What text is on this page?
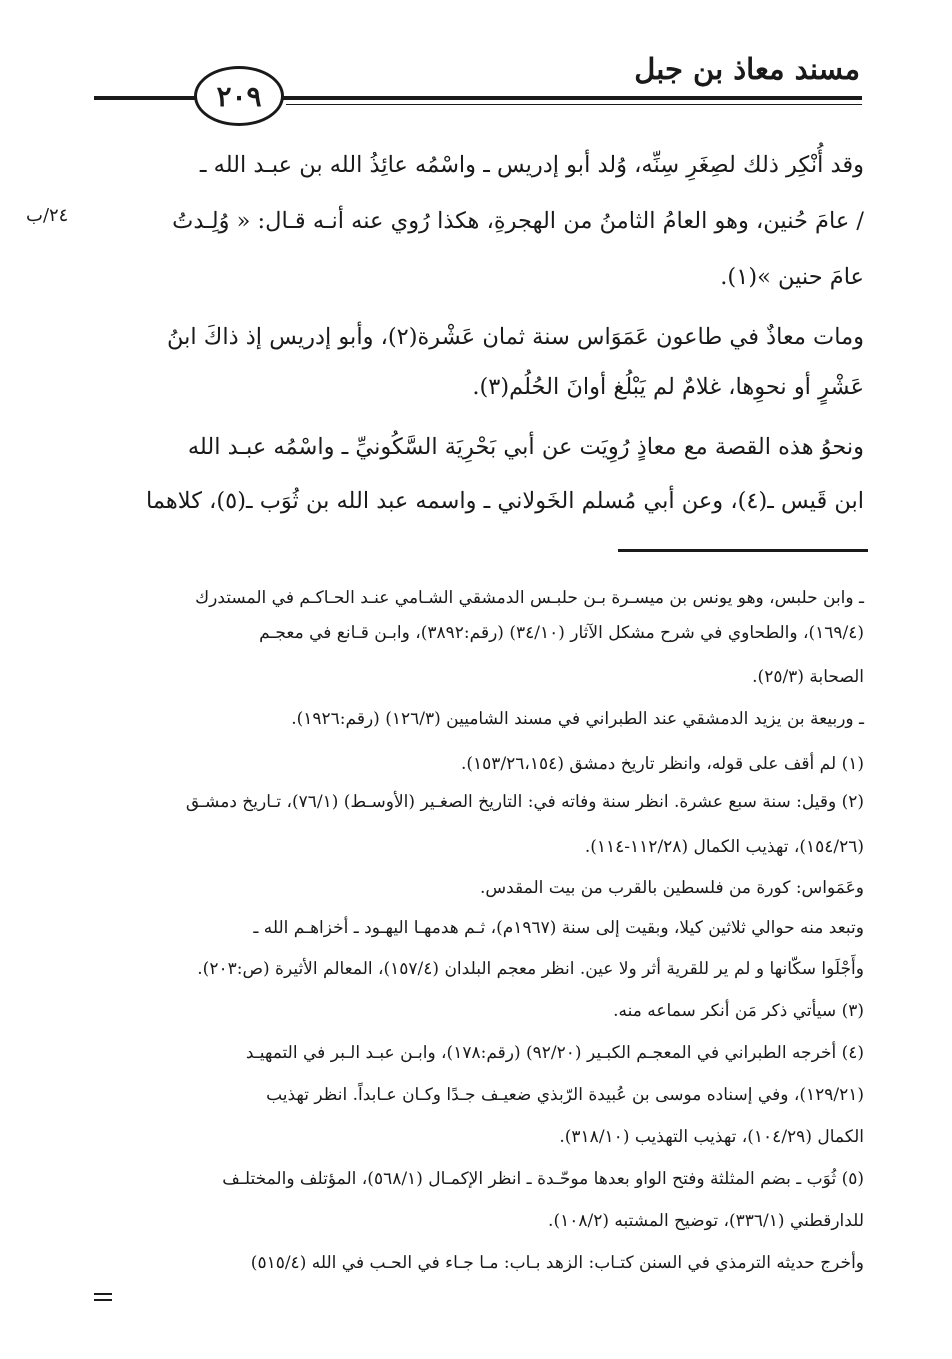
مسند معاذ بن جبل
٢٠٩
٢٤/ب
وقد أُنْكِر ذلك لصِغَرِ سِنِّه، وُلد أبو إدريس ـ واسْمُه عائِذُ الله بن عبـد الله ـ
/ عامَ حُنين، وهو العامُ الثامنُ من الهجرةِ، هكذا رُوي عنه أنـه قـال: « وُلِـدتُ
عامَ حنين »(١).
ومات معاذٌ في طاعون عَمَوَاس سنة ثمان عَشْرة(٢)، وأبو إدريس إذ ذاكَ ابنُ
عَشْرٍ أو نحوِها، غلامٌ لم يَبْلُغ أوانَ الحُلُم(٣).
ونحوُ هذه القصة مع معاذٍ رُوِيَت عن أبي بَحْرِيَة السَّكُونيِّ ـ واسْمُه عبـد الله
ابن قَيس ـ(٤)، وعن أبي مُسلم الخَولاني ـ واسمه عبد الله بن ثُوَب ـ(٥)، كلاهما
ـ وابن حلبس، وهو يونس بن ميسـرة بـن حلبـس الدمشقي الشـامي عنـد الحـاكـم في المستدرك
(١٦٩/٤)، والطحاوي في شرح مشكل الآثار (٣٤/١٠) (رقم:٣٨٩٢)، وابـن قـانع في معجـم
الصحابة (٢٥/٣).
ـ وربيعة بن يزيد الدمشقي عند الطبراني في مسند الشاميين (١٢٦/٣) (رقم:١٩٢٦).
(١) لم أقف على قوله، وانظر تاريخ دمشق (١٥٣/٢٦،١٥٤).
(٢) وقيل: سنة سبع عشرة. انظر سنة وفاته في: التاريخ الصغـير (الأوسـط) (٧٦/١)، تـاريخ دمشـق
(١٥٤/٢٦)، تهذيب الكمال (١١٢/٢٨-١١٤).
وعَمَواس: كورة من فلسطين بالقرب من بيت المقدس.
وتبعد منه حوالي ثلاثين كيلا، وبقيت إلى سنة (١٩٦٧م)، ثـم هدمهـا اليهـود ـ أخزاهـم الله ـ
وأَجْلَوا سكّانها و لم ير للقرية أثر ولا عين. انظر معجم البلدان (١٥٧/٤)، المعالم الأثيرة (ص:٢٠٣).
(٣) سيأتي ذكر مَن أنكر سماعه منه.
(٤) أخرجه الطبراني في المعجـم الكبـير (٩٢/٢٠) (رقم:١٧٨)، وابـن عبـد الـبر في التمهيـد
(١٢٩/٢١)، وفي إسناده موسى بن عُبيدة الرّبذي ضعيـف جـدًا وكـان عـابداً. انظر تهذيب
الكمال (١٠٤/٢٩)، تهذيب التهذيب (٣١٨/١٠).
(٥) ثُوَب ـ بضم المثلثة وفتح الواو بعدها موحّـدة ـ انظر الإكمـال (٥٦٨/١)، المؤتلف والمختلـف
للدارقطني (٣٣٦/١)، توضيح المشتبه (١٠٨/٢).
وأخرج حديثه الترمذي في السنن كتـاب: الزهد بـاب: مـا جـاء في الحـب في الله (٥١٥/٤)
